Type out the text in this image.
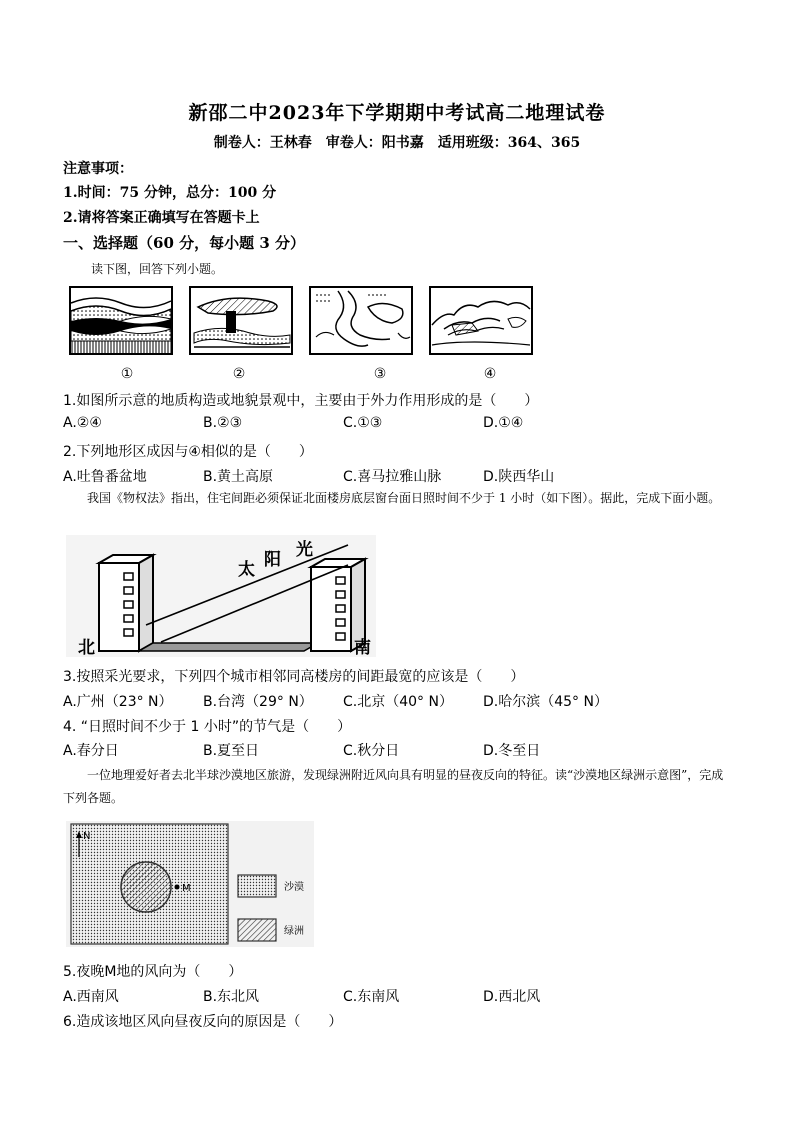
新邵二中2023年下学期期中考试高二地理试卷
制卷人：王林春　审卷人：阳书嘉　适用班级：364、365
注意事项：
1.时间：75 分钟，总分：100 分
2.请将答案正确填写在答题卡上
一、选择题（60 分，每小题 3 分）
读下图，回答下列小题。
①	②	③	④
1.如图所示意的地质构造或地貌景观中，主要由于外力作用形成的是（　　）
A.②④	B.②③	C.①③	D.①④
2.下列地形区成因与④相似的是（　　）
A.吐鲁番盆地	B.黄土高原	C.喜马拉雅山脉	D.陕西华山
我国《物权法》指出，住宅间距必须保证北面楼房底层窗台面日照时间不少于 1 小时（如下图）。据此，完成下面小题。
太 阳 光
北	南
3.按照采光要求，下列四个城市相邻同高楼房的间距最宽的应该是（　　）
A.广州（23° N） B.台湾（29° N） C.北京（40° N） D.哈尔滨（45° N）
4. “日照时间不少于 1 小时”的节气是（　　）
A.春分日	B.夏至日	C.秋分日	D.冬至日
一位地理爱好者去北半球沙漠地区旅游，发现绿洲附近风向具有明显的昼夜反向的特征。读“沙漠地区绿洲示意图”，完成下列各题。
M
N
沙漠
绿洲
5.夜晚M地的风向为（　　）
A.西南风	B.东北风	C.东南风	D.西北风
6.造成该地区风向昼夜反向的原因是（　　）
